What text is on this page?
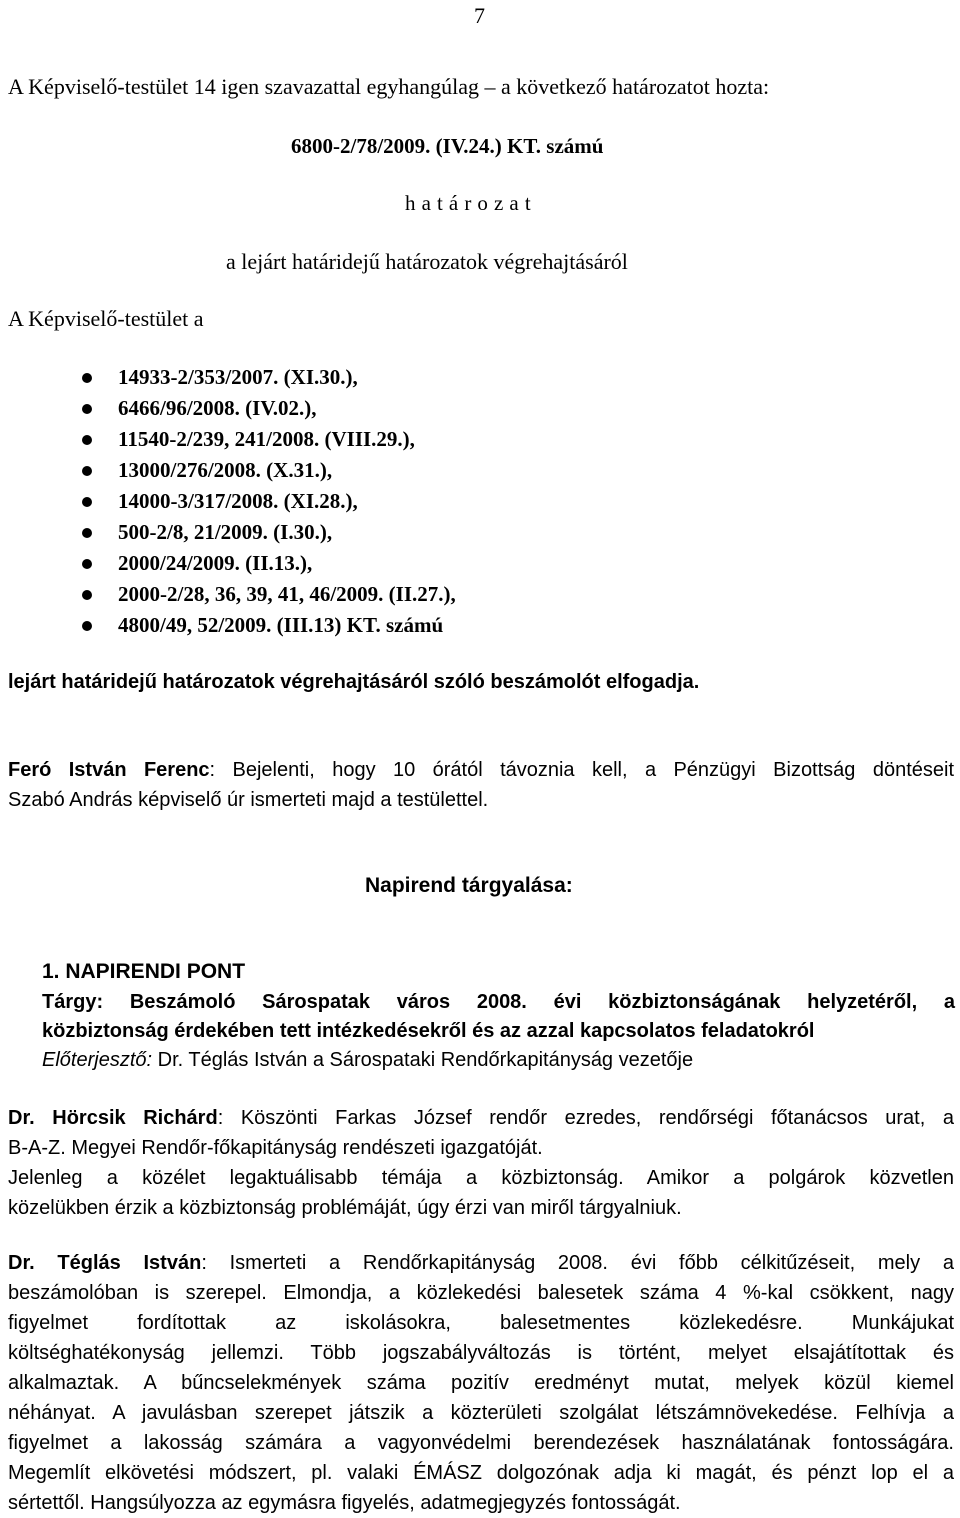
7
A Képviselő-testület 14 igen szavazattal egyhangúlag – a következő határozatot hozta:
6800-2/78/2009. (IV.24.) KT. számú
h a t á r o z a t
a lejárt határidejű határozatok végrehajtásáról
A Képviselő-testület a
14933-2/353/2007. (XI.30.),
6466/96/2008. (IV.02.),
11540-2/239, 241/2008. (VIII.29.),
13000/276/2008. (X.31.),
14000-3/317/2008. (XI.28.),
500-2/8, 21/2009. (I.30.),
2000/24/2009. (II.13.),
2000-2/28, 36, 39, 41, 46/2009. (II.27.),
4800/49, 52/2009. (III.13) KT. számú
lejárt határidejű határozatok végrehajtásáról szóló beszámolót elfogadja.
Feró István Ferenc: Bejelenti, hogy 10 órától távoznia kell, a Pénzügyi Bizottság döntéseit
Szabó András képviselő úr ismerteti majd a testülettel.
Napirend tárgyalása:
1. NAPIRENDI PONT
Tárgy: Beszámoló Sárospatak város 2008. évi közbiztonságának helyzetéről, a
közbiztonság érdekében tett intézkedésekről és az azzal kapcsolatos feladatokról
Előterjesztő: Dr. Téglás István a Sárospataki Rendőrkapitányság vezetője
Dr. Hörcsik Richárd: Köszönti Farkas József rendőr ezredes, rendőrségi főtanácsos urat, a
B-A-Z. Megyei Rendőr-főkapitányság rendészeti igazgatóját.
Jelenleg a közélet legaktuálisabb témája a közbiztonság. Amikor a polgárok közvetlen
közelükben érzik a közbiztonság problémáját, úgy érzi van miről tárgyalniuk.
Dr. Téglás István: Ismerteti a Rendőrkapitányság 2008. évi főbb célkitűzéseit, mely a
beszámolóban is szerepel. Elmondja, a közlekedési balesetek száma 4 %-kal csökkent, nagy
figyelmet fordítottak az iskolásokra, balesetmentes közlekedésre. Munkájukat
költséghatékonyság jellemzi. Több jogszabályváltozás is történt, melyet elsajátítottak és
alkalmaztak. A bűncselekmények száma pozitív eredményt mutat, melyek közül kiemel
néhányat. A javulásban szerepet játszik a közterületi szolgálat létszámnövekedése. Felhívja a
figyelmet a lakosság számára a vagyonvédelmi berendezések használatának fontosságára.
Megemlít elkövetési módszert, pl. valaki ÉMÁSZ dolgozónak adja ki magát, és pénzt lop el a
sértettől. Hangsúlyozza az egymásra figyelés, adatmegjegyzés fontosságát.
